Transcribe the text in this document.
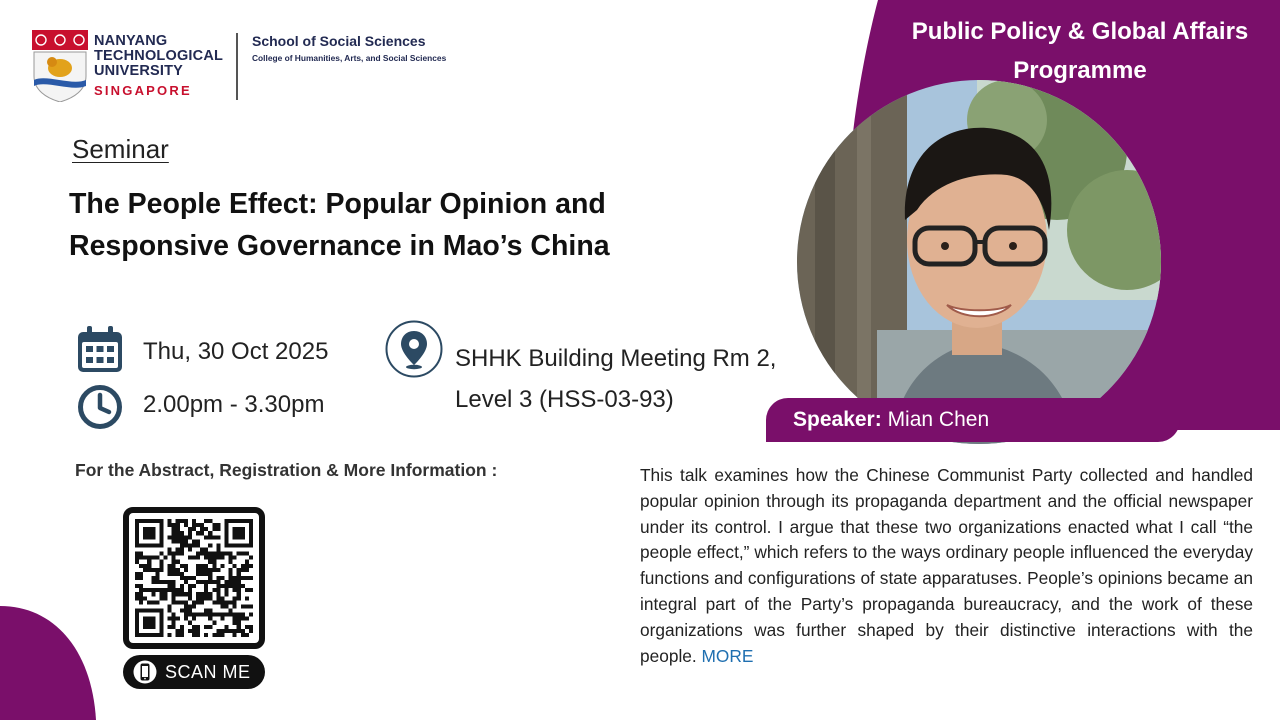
NANYANG
TECHNOLOGICAL
UNIVERSITY
SINGAPORE
School of Social Sciences
College of Humanities, Arts, and Social Sciences
Public Policy & Global Affairs
Programme
Speaker: Mian Chen
Seminar
The People Effect: Popular Opinion and
Responsive Governance in Mao’s China
Thu, 30 Oct 2025
2.00pm - 3.30pm
SHHK Building Meeting Rm 2,
Level 3 (HSS-03-93)
For the Abstract, Registration & More Information :
SCAN ME
This talk examines how the Chinese Communist Party collected and handled popular opinion through its propaganda department and the official newspaper under its control. I argue that these two organizations enacted what I call “the people effect,” which refers to the ways ordinary people influenced the everyday functions and configurations of state apparatuses. People’s opinions became an integral part of the Party’s propaganda bureaucracy, and the work of these organizations was further shaped by their distinctive interactions with the people. MORE
